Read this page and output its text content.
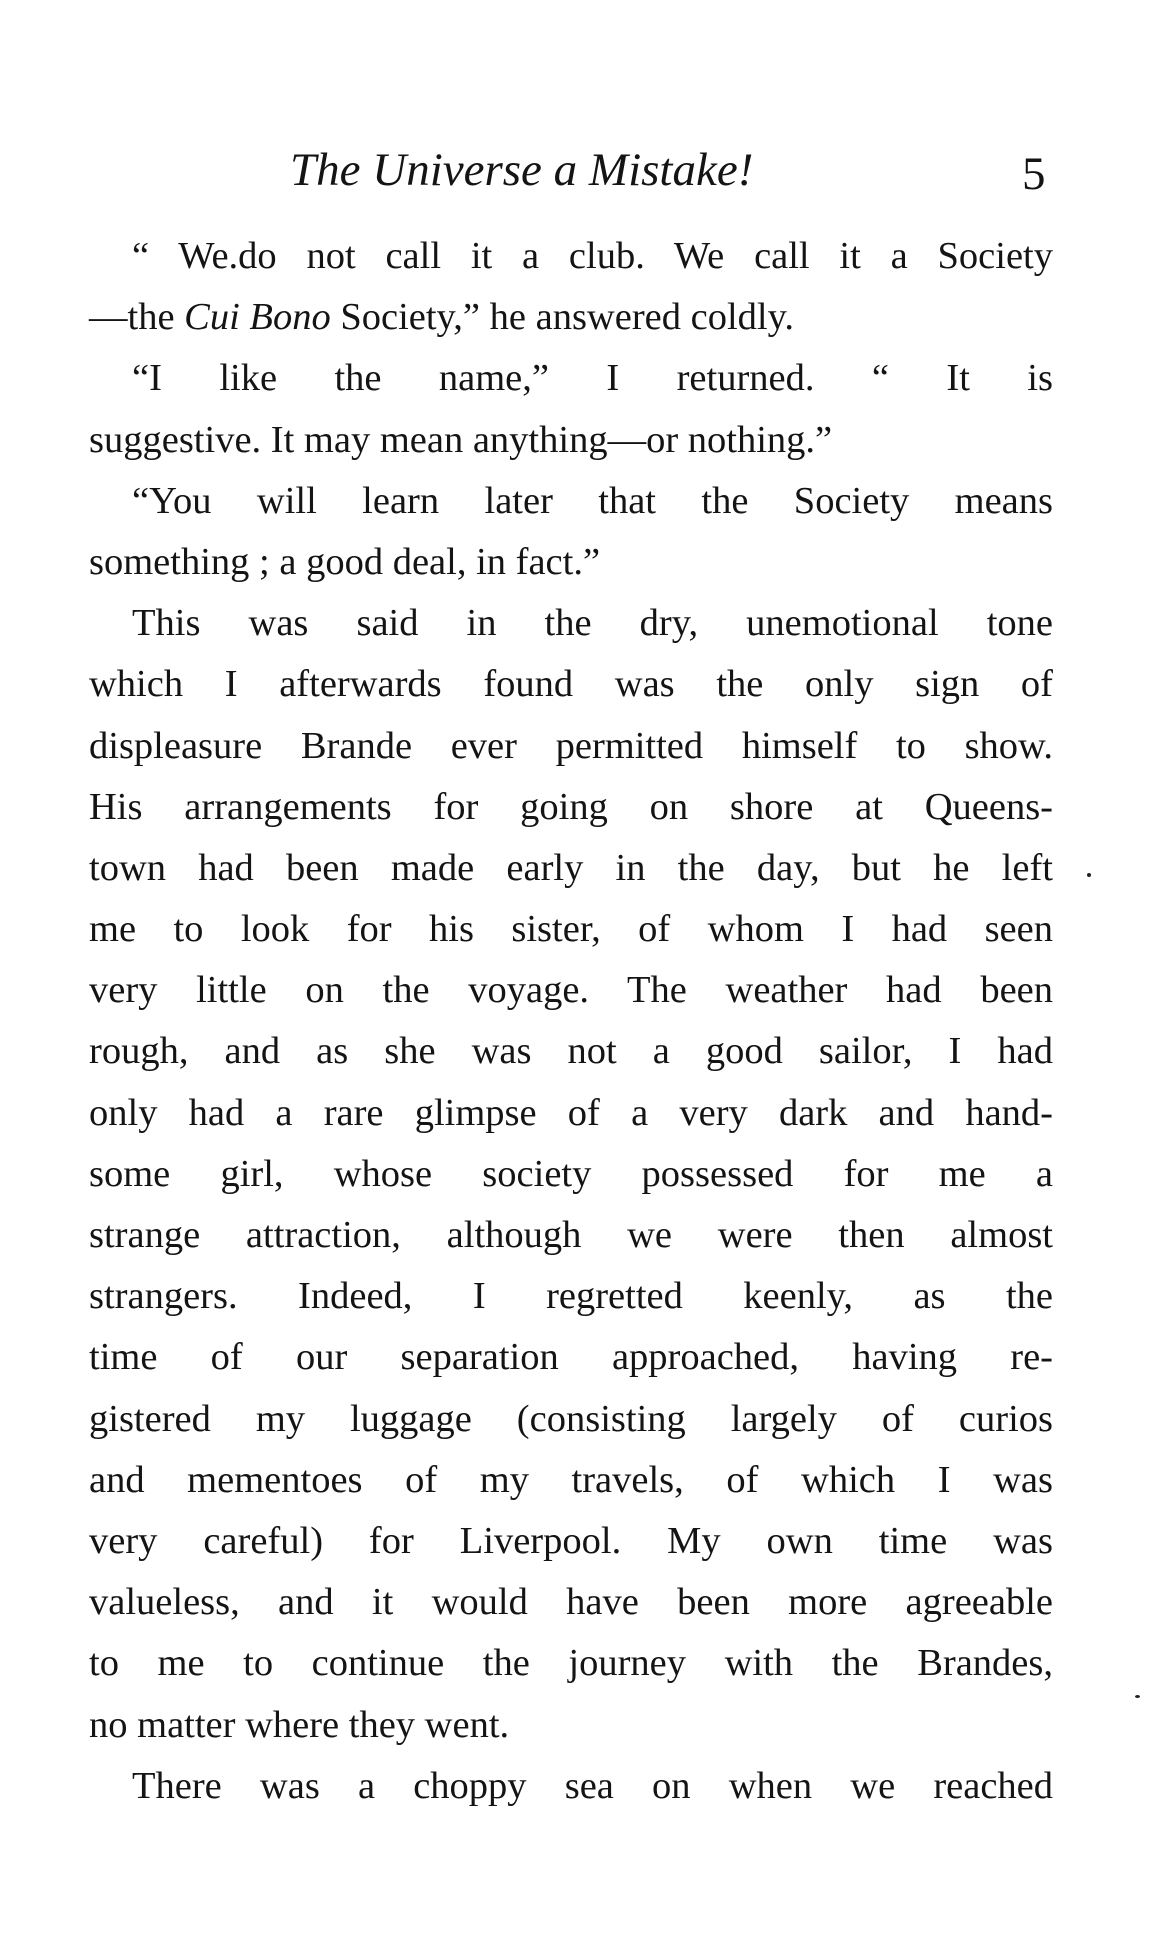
The Universe a Mistake!	5
“ We.do not call it a club. We call it a Society
—the Cui Bono Society,” he answered coldly.
“I like the name,” I returned. “ It is
suggestive. It may mean anything—or nothing.”
“You will learn later that the Society means
something ; a good deal, in fact.”
This was said in the dry, unemotional tone
which I afterwards found was the only sign of
displeasure Brande ever permitted himself to show.
His arrangements for going on shore at Queens-
town had been made early in the day, but he left
me to look for his sister, of whom I had seen
very little on the voyage. The weather had been
rough, and as she was not a good sailor, I had
only had a rare glimpse of a very dark and hand-
some girl, whose society possessed for me a
strange attraction, although we were then almost
strangers. Indeed, I regretted keenly, as the
time of our separation approached, having re-
gistered my luggage (consisting largely of curios
and mementoes of my travels, of which I was
very careful) for Liverpool. My own time was
valueless, and it would have been more agreeable
to me to continue the journey with the Brandes,
no matter where they went.
There was a choppy sea on when we reached
